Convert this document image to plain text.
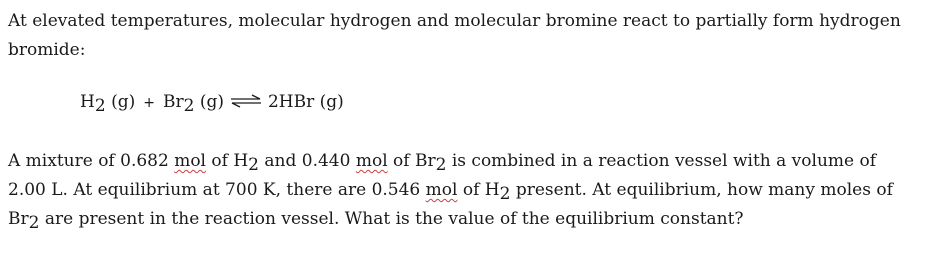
At elevated temperatures, molecular hydrogen and molecular bromine react to partially form hydrogen
bromide:

H2 (g) + Br2 (g) ⇌ 2HBr (g)

A mixture of 0.682 mol of H2 and 0.440 mol of Br2 is combined in a reaction vessel with a volume of
2.00 L. At equilibrium at 700 K, there are 0.546 mol of H2 present. At equilibrium, how many moles of
Br2 are present in the reaction vessel. What is the value of the equilibrium constant?
